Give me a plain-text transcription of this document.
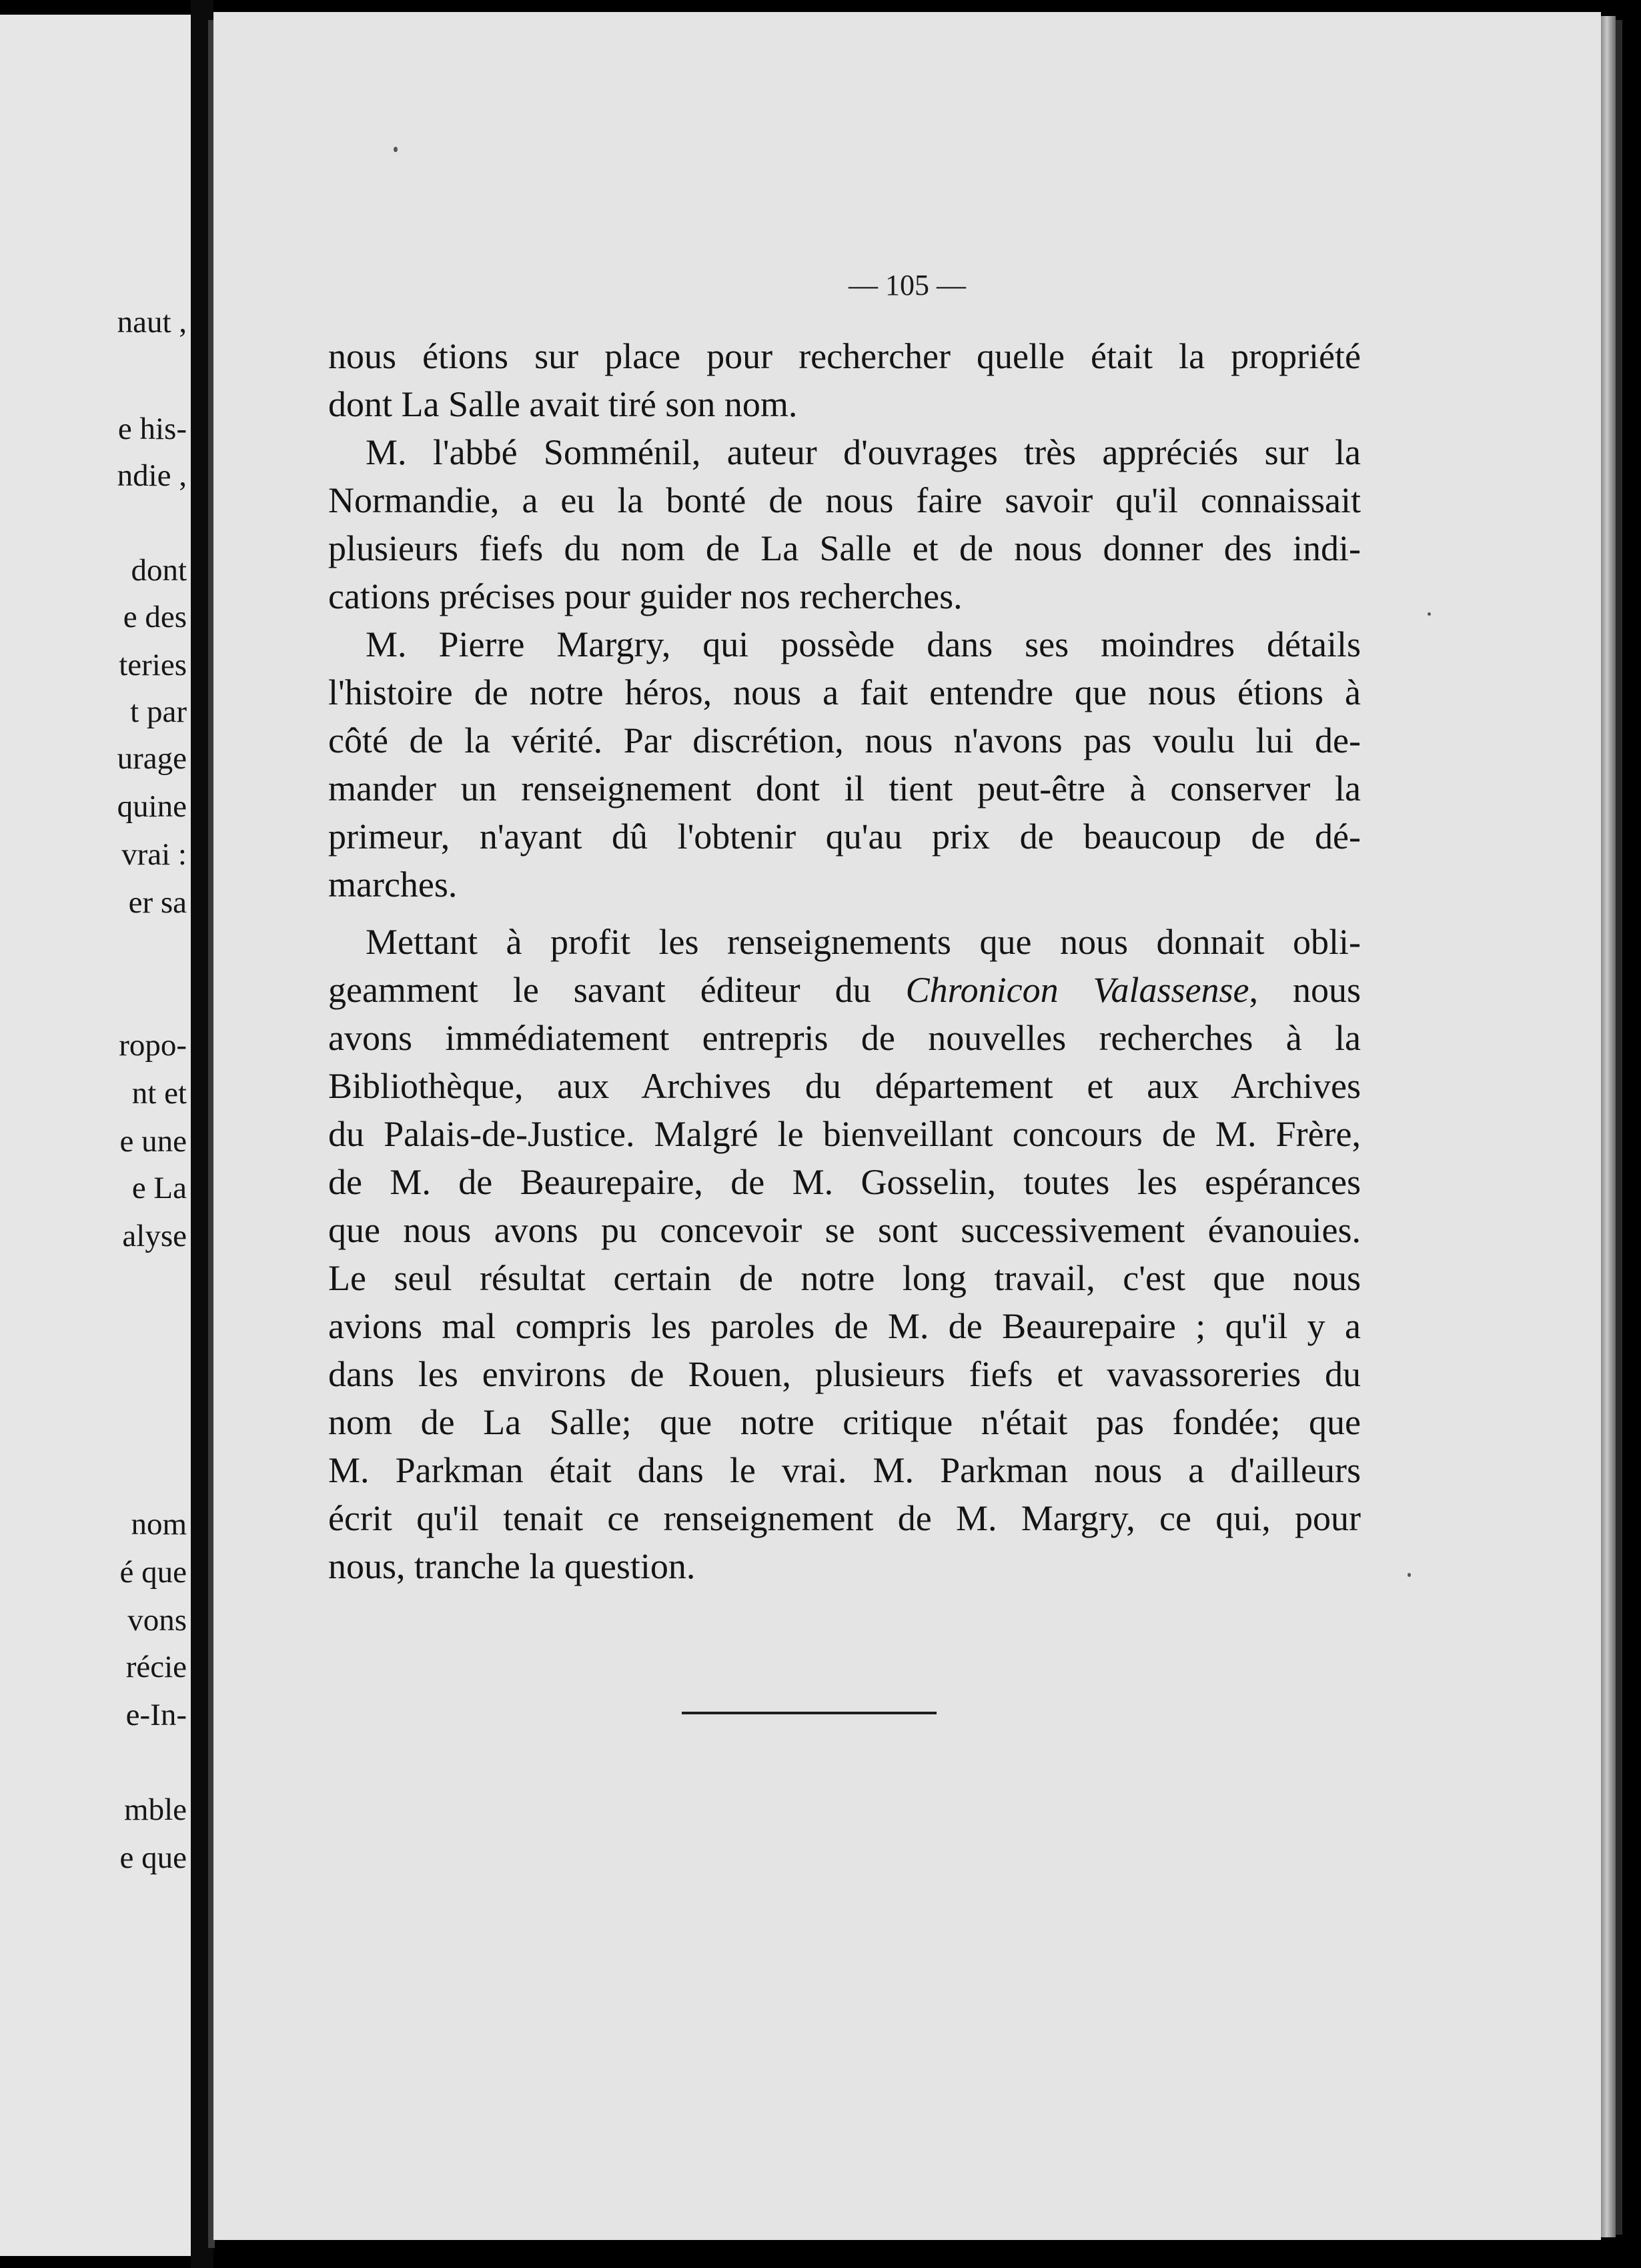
naut ,
e his-
ndie ,
dont
e des
teries
t par
urage
quine
vrai :
er sa
ropo-
nt et
e une
e La
alyse
nom
é que
vons
récie
e-In-
mble
e que
— 105 —

nous étions sur place pour rechercher quelle était la propriété

dont La Salle avait tiré son nom.

M. l'abbé Somménil, auteur d'ouvrages très appréciés sur la

Normandie, a eu la bonté de nous faire savoir qu'il connaissait

plusieurs fiefs du nom de La Salle et de nous donner des indi-

cations précises pour guider nos recherches.

M. Pierre Margry, qui possède dans ses moindres détails

l'histoire de notre héros, nous a fait entendre que nous étions à

côté de la vérité. Par discrétion, nous n'avons pas voulu lui de-

mander un renseignement dont il tient peut-être à conserver la

primeur, n'ayant dû l'obtenir qu'au prix de beaucoup de dé-

marches.

Mettant à profit les renseignements que nous donnait obli-

geamment le savant éditeur du Chronicon Valassense, nous

avons immédiatement entrepris de nouvelles recherches à la

Bibliothèque, aux Archives du département et aux Archives

du Palais-de-Justice. Malgré le bienveillant concours de M. Frère,

de M. de Beaurepaire, de M. Gosselin, toutes les espérances

que nous avons pu concevoir se sont successivement évanouies.

Le seul résultat certain de notre long travail, c'est que nous

avions mal compris les paroles de M. de Beaurepaire ; qu'il y a

dans les environs de Rouen, plusieurs fiefs et vavassoreries du

nom de La Salle; que notre critique n'était pas fondée; que

M. Parkman était dans le vrai. M. Parkman nous a d'ailleurs

écrit qu'il tenait ce renseignement de M. Margry, ce qui, pour

nous, tranche la question.
